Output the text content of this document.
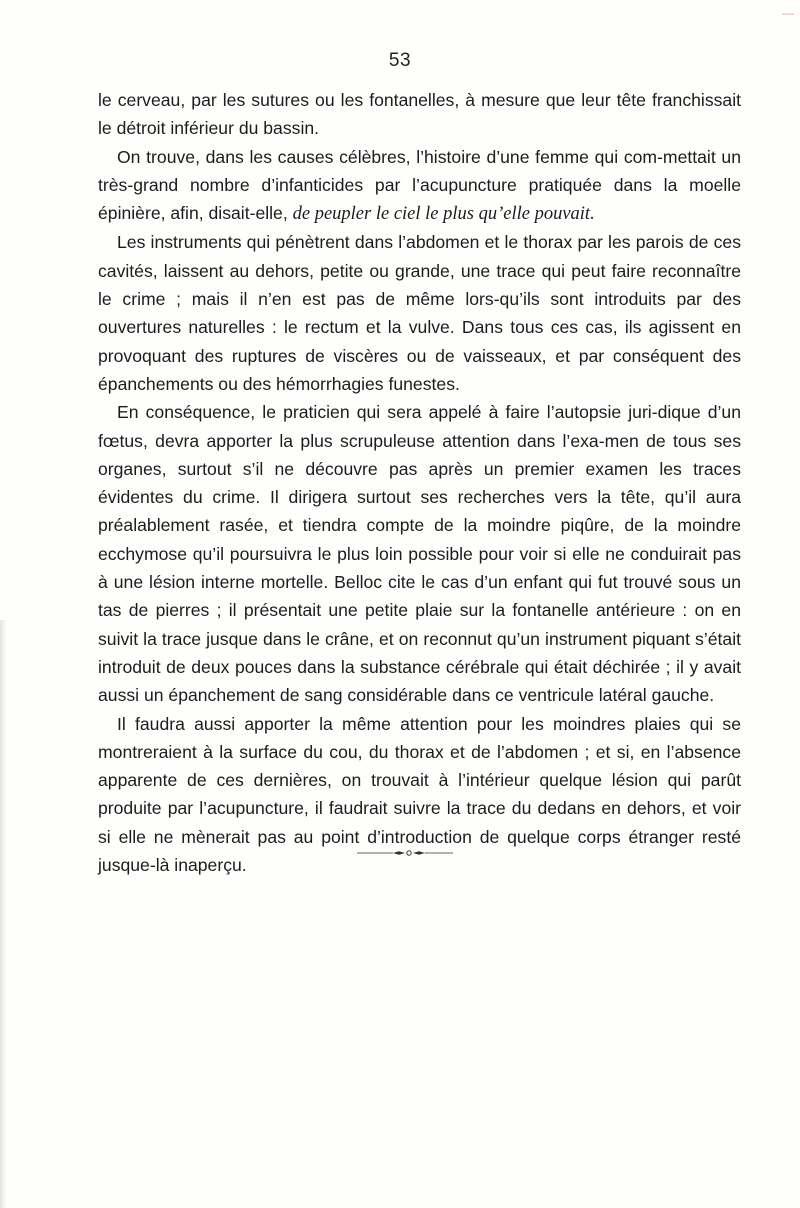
—
53

le cerveau, par les sutures ou les fontanelles, à mesure que leur tête franchissait le détroit inférieur du bassin.

On trouve, dans les causes célèbres, l’histoire d’une femme qui com-mettait un très-grand nombre d’infanticides par l’acupuncture pratiquée dans la moelle épinière, afin, disait-elle, de peupler le ciel le plus qu’elle pouvait.

Les instruments qui pénètrent dans l’abdomen et le thorax par les parois de ces cavités, laissent au dehors, petite ou grande, une trace qui peut faire reconnaître le crime ; mais il n’en est pas de même lors-qu’ils sont introduits par des ouvertures naturelles : le rectum et la vulve. Dans tous ces cas, ils agissent en provoquant des ruptures de viscères ou de vaisseaux, et par conséquent des épanchements ou des hémorrhagies funestes.

En conséquence, le praticien qui sera appelé à faire l’autopsie juri-dique d’un fœtus, devra apporter la plus scrupuleuse attention dans l’exa-men de tous ses organes, surtout s’il ne découvre pas après un premier examen les traces évidentes du crime. Il dirigera surtout ses recherches vers la tête, qu’il aura préalablement rasée, et tiendra compte de la moindre piqûre, de la moindre ecchymose qu’il poursuivra le plus loin possible pour voir si elle ne conduirait pas à une lésion interne mortelle. Belloc cite le cas d’un enfant qui fut trouvé sous un tas de pierres ; il présentait une petite plaie sur la fontanelle antérieure : on en suivit la trace jusque dans le crâne, et on reconnut qu’un instrument piquant s’était introduit de deux pouces dans la substance cérébrale qui était déchirée ; il y avait aussi un épanchement de sang considérable dans ce ventricule latéral gauche.

Il faudra aussi apporter la même attention pour les moindres plaies qui se montreraient à la surface du cou, du thorax et de l’abdomen ; et si, en l’absence apparente de ces dernières, on trouvait à l’intérieur quelque lésion qui parût produite par l’acupuncture, il faudrait suivre la trace du dedans en dehors, et voir si elle ne mènerait pas au point d’introduction de quelque corps étranger resté jusque-là inaperçu.
